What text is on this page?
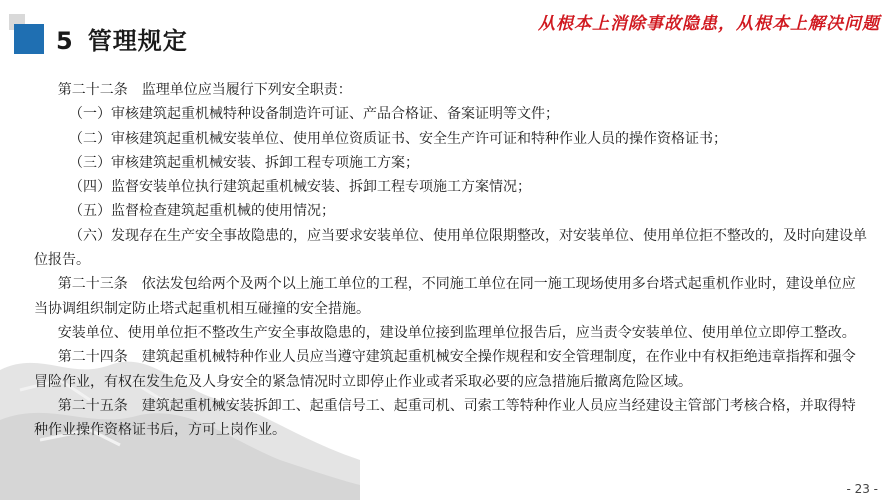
5 管理规定
从根本上消除事故隐患，从根本上解决问题

第二十二条　监理单位应当履行下列安全职责：

（一）审核建筑起重机械特种设备制造许可证、产品合格证、备案证明等文件；

（二）审核建筑起重机械安装单位、使用单位资质证书、安全生产许可证和特种作业人员的操作资格证书；

（三）审核建筑起重机械安装、拆卸工程专项施工方案；

（四）监督安装单位执行建筑起重机械安装、拆卸工程专项施工方案情况；

（五）监督检查建筑起重机械的使用情况；

（六）发现存在生产安全事故隐患的，应当要求安装单位、使用单位限期整改，对安装单位、使用单位拒不整改的，及时向建设单位报告。

第二十三条　依法发包给两个及两个以上施工单位的工程，不同施工单位在同一施工现场使用多台塔式起重机作业时，建设单位应当协调组织制定防止塔式起重机相互碰撞的安全措施。

安装单位、使用单位拒不整改生产安全事故隐患的，建设单位接到监理单位报告后，应当责令安装单位、使用单位立即停工整改。

第二十四条　建筑起重机械特种作业人员应当遵守建筑起重机械安全操作规程和安全管理制度，在作业中有权拒绝违章指挥和强令冒险作业，有权在发生危及人身安全的紧急情况时立即停止作业或者采取必要的应急措施后撤离危险区域。

第二十五条　建筑起重机械安装拆卸工、起重信号工、起重司机、司索工等特种作业人员应当经建设主管部门考核合格，并取得特种作业操作资格证书后，方可上岗作业。

- 23 -
